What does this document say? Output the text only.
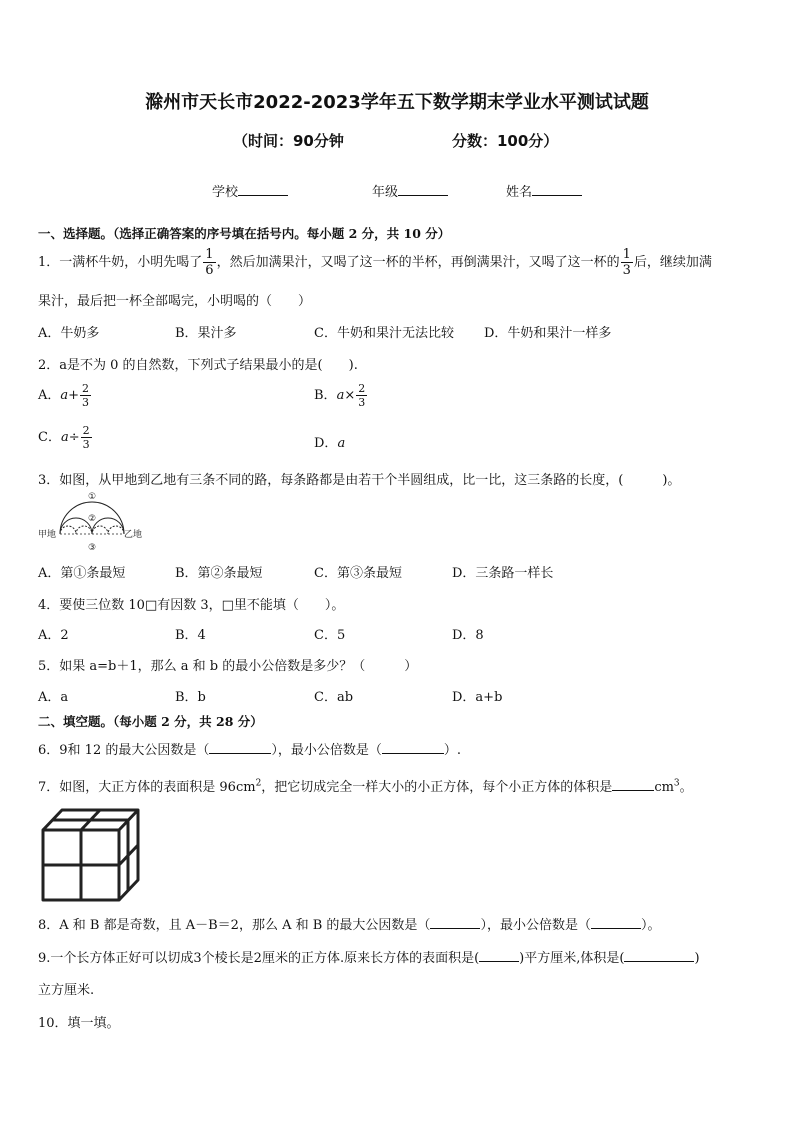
滁州市天长市2022-2023学年五下数学期末学业水平测试试题
（时间：90分钟	分数：100分）
学校	年级	姓名
一、选择题。（选择正确答案的序号填在括号内。每小题 2 分，共 10 分）
1．一满杯牛奶，小明先喝了 $\frac{1}{6}$ ，然后加满果汁，又喝了这一杯的半杯，再倒满果汁，又喝了这一杯的 $\frac{1}{3}$ 后，继续加满
果汁，最后把一杯全部喝完，小明喝的（　　）
A．牛奶多	B．果汁多	C．牛奶和果汁无法比较 D．牛奶和果汁一样多
2．a是不为 0 的自然数，下列式子结果最小的是(　　).
A．$a+ \frac{2}{3}$	B．$a\times \frac{2}{3}$
C．$a\div \frac{2}{3}$	D．a
3．如图，从甲地到乙地有三条不同的路，每条路都是由若干个半圆组成，比一比，这三条路的长度，(　　　)。
甲地	乙地
①
②
③
A．第①条最短	B．第②条最短	C．第③条最短	D．三条路一样长
4．要使三位数 10□有因数 3，□里不能填（　　）。
A．2	B．4	C．5	D．8
5．如果 a=b＋1，那么 a 和 b 的最小公倍数是多少？（　　　）
A．a	B．b	C．ab	D．a+b
二、填空题。（每小题 2 分，共 28 分）
6．9和 12 的最大公因数是（	），最小公倍数是（	）.
7．如图，大正方体的表面积是 $96cm^2$，把它切成完全一样大小的小正方体，每个小正方体的体积是	$cm^3$。
8．A 和 B 都是奇数，且 A－B＝2，那么 A 和 B 的最大公因数是（	），最小公倍数是（	）。
9.一个长方体正好可以切成3个棱长是2厘米的正方体.原来长方体的表面积是(	)平方厘米,体积是(	)
立方厘米.
10．填一填。
